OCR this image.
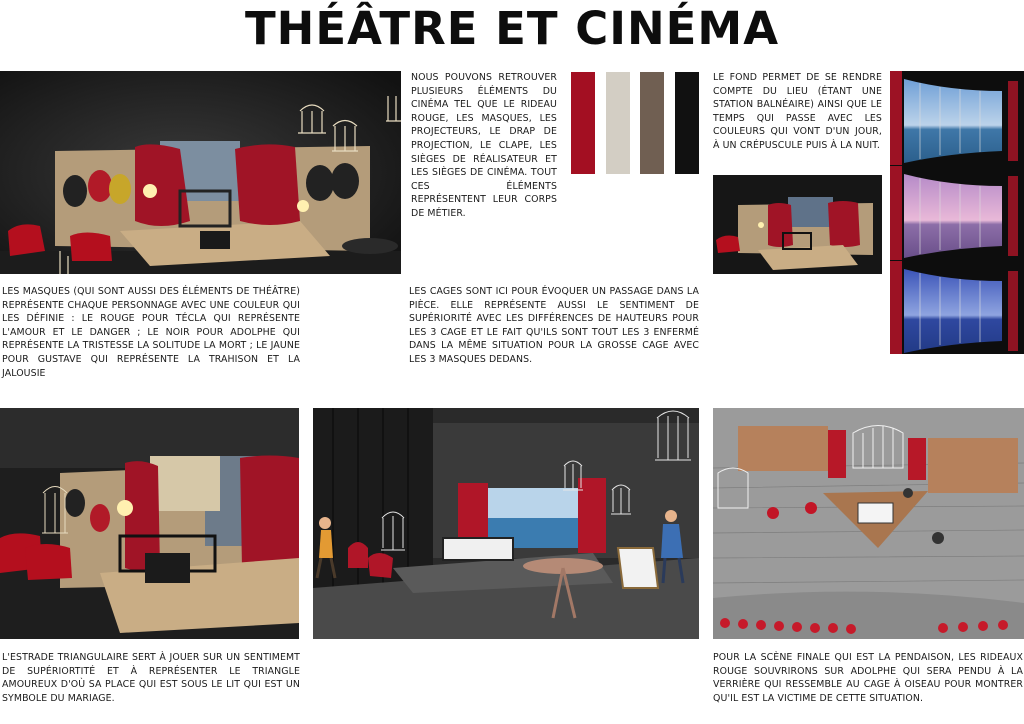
THÉÂTRE ET CINÉMA
NOUS POUVONS RETROUVER PLUSIEURS ÉLÉMENTS DU CINÉMA TEL QUE LE RIDEAU ROUGE, LES MASQUES, LES PROJECTEURS, LE DRAP DE PROJECTION, LE CLAPE, LES SIÈGES DE RÉALISATEUR ET LES SIÈGES DE CINÉMA. TOUT CES ÉLÉMENTS REPRÉSENTENT LEUR CORPS DE MÉTIER.
LE FOND PERMET DE SE RENDRE COMPTE DU LIEU (ÉTANT UNE STATION BALNÉAIRE) AINSI QUE LE TEMPS QUI PASSE AVEC LES COULEURS QUI VONT D'UN JOUR, À UN CRÉPUSCULE PUIS À LA NUIT.
LES MASQUES (QUI SONT AUSSI DES ÉLÉMENTS DE THÉÂTRE) REPRÉSENTE CHAQUE PERSONNAGE AVEC UNE COULEUR QUI LES DÉFINIE : LE ROUGE POUR TÉCLA QUI REPRÉSENTE L'AMOUR ET LE DANGER ; LE NOIR POUR ADOLPHE QUI REPRÉSENTE LA TRISTESSE LA SOLITUDE LA MORT ; LE JAUNE POUR GUSTAVE QUI REPRÉSENTE LA TRAHISON ET LA JALOUSIE
LES CAGES SONT ICI POUR ÉVOQUER UN PASSAGE DANS LA PIÈCE. ELLE REPRÉSENTE AUSSI LE SENTIMENT DE SUPÉRIORITÉ AVEC LES DIFFÉRENCES DE HAUTEURS POUR LES 3 CAGE ET LE FAIT QU'ILS SONT TOUT LES 3 ENFERMÉ DANS LA MÊME SITUATION POUR LA GROSSE CAGE AVEC LES 3 MASQUES DEDANS.
L'ESTRADE TRIANGULAIRE SERT À JOUER SUR UN SENTIMEMT DE SUPÉRIORTITÉ ET À REPRÉSENTER LE TRIANGLE AMOUREUX D'OÙ SA PLACE QUI EST SOUS LE LIT QUI EST UN SYMBOLE DU MARIAGE.
POUR LA SCÈNE FINALE QUI EST LA PENDAISON, LES RIDEAUX ROUGE SOUVRIRONS SUR ADOLPHE QUI SERA PENDU À LA VERRIÈRE QUI RESSEMBLE AU CAGE À OISEAU POUR MONTRER QU'IL EST LA VICTIME DE CETTE SITUATION.
